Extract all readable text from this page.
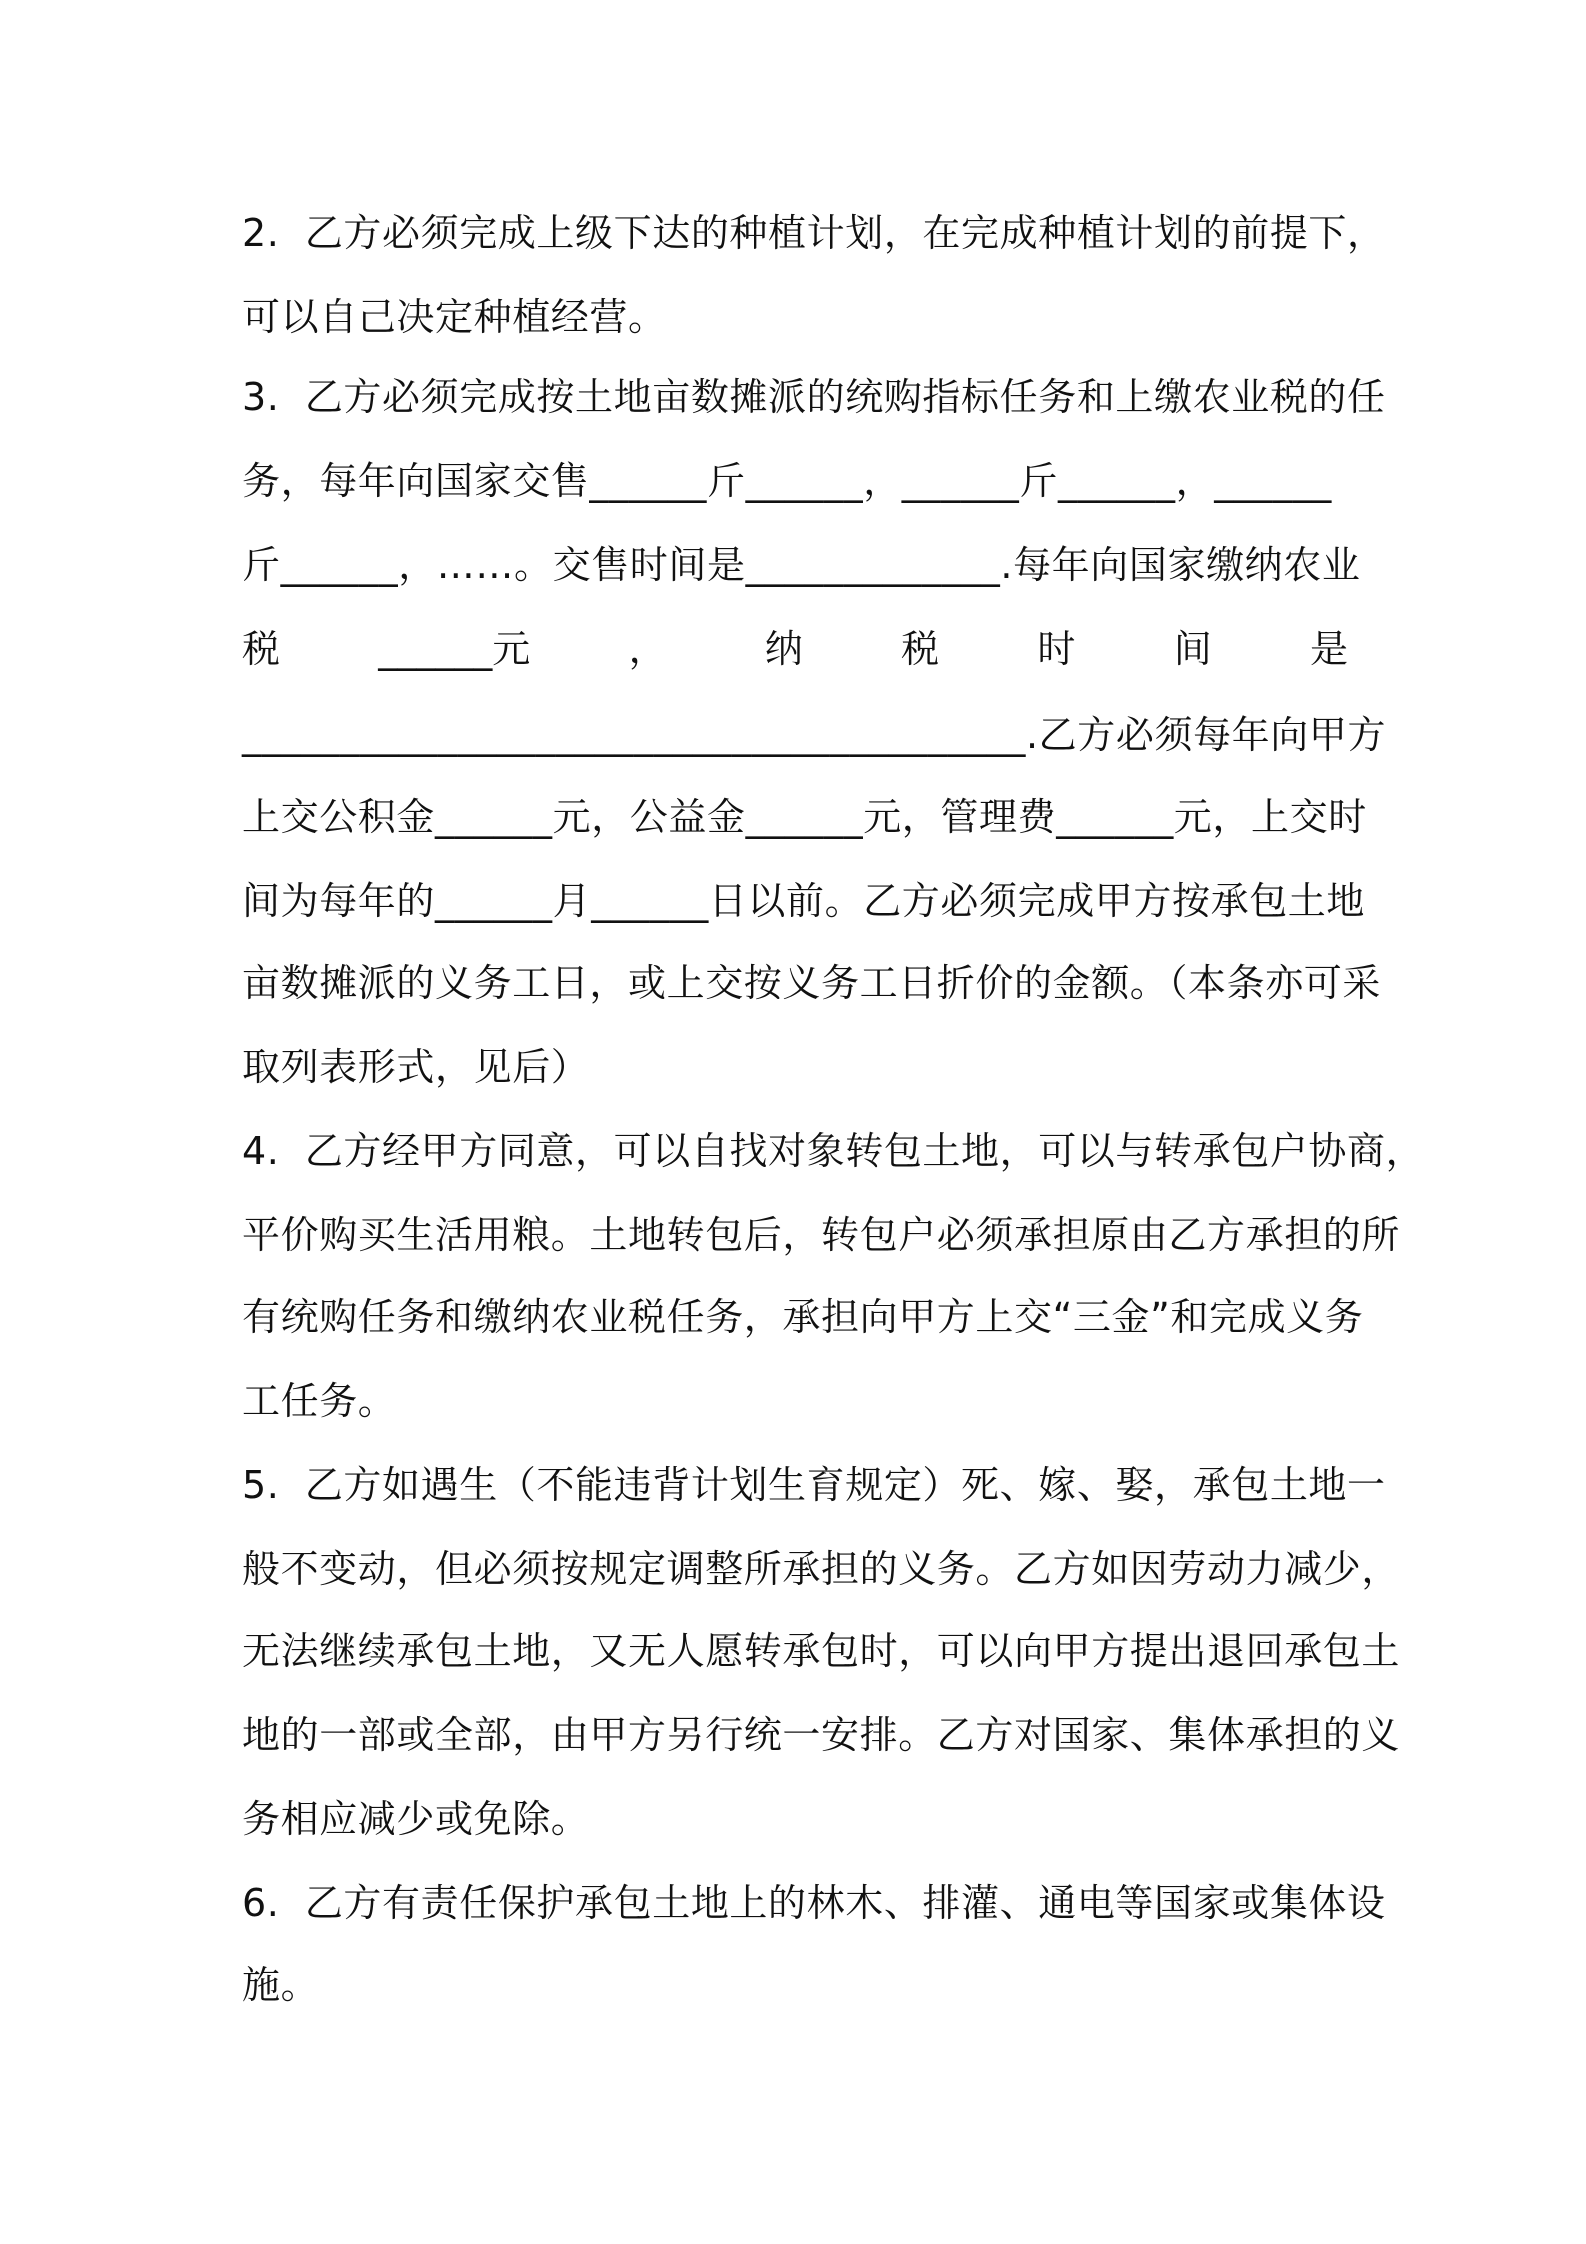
2.  乙方必须完成上级下达的种植计划，在完成种植计划的前提下，
可以自己决定种植经营。
3.  乙方必须完成按土地亩数摊派的统购指标任务和上缴农业税的任
务，每年向国家交售______斤______，______斤______，______
斤______，……。交售时间是_____________.每年向国家缴纳农业
税	______元	，	纳	税	时	间	是
________________________________________.乙方必须每年向甲方
上交公积金______元，公益金______元，管理费______元，上交时
间为每年的______月______日以前。乙方必须完成甲方按承包土地
亩数摊派的义务工日，或上交按义务工日折价的金额。（本条亦可采
取列表形式，见后）
4.  乙方经甲方同意，可以自找对象转包土地，可以与转承包户协商，
平价购买生活用粮。土地转包后，转包户必须承担原由乙方承担的所
有统购任务和缴纳农业税任务，承担向甲方上交“三金”和完成义务
工任务。
5.  乙方如遇生（不能违背计划生育规定）死、嫁、娶，承包土地一
般不变动，但必须按规定调整所承担的义务。乙方如因劳动力减少，
无法继续承包土地，又无人愿转承包时，可以向甲方提出退回承包土
地的一部或全部，由甲方另行统一安排。乙方对国家、集体承担的义
务相应减少或免除。
6.  乙方有责任保护承包土地上的林木、排灌、通电等国家或集体设
施。
